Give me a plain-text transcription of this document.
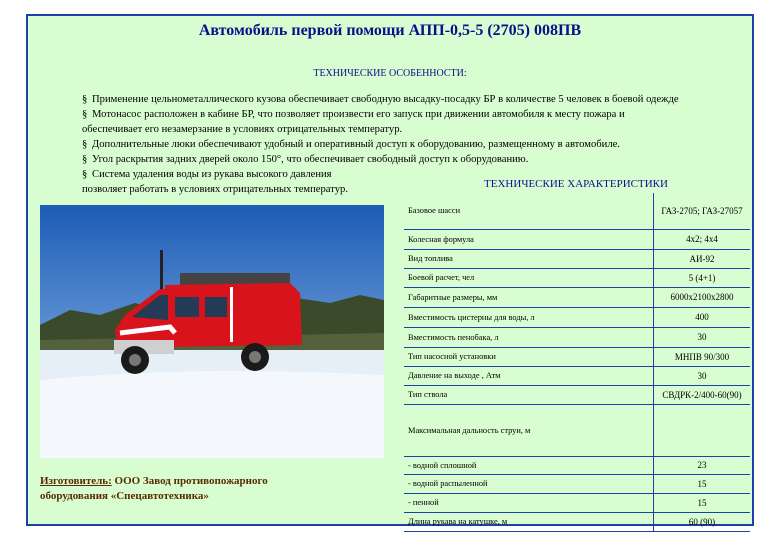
Автомобиль первой помощи АПП-0,5-5 (2705) 008ПВ
ТЕХНИЧЕСКИЕ ОСОБЕННОСТИ:
§ Применение цельнометаллического кузова обеспечивает свободную высадку-посадку БР в количестве 5 человек в боевой одежде
§ Мотонасос расположен в кабине БР, что позволяет произвести его запуск при движении автомобиля к месту пожара и
обеспечивает его незамерзание в условиях отрицательных температур.
§ Дополнительные люки обеспечивают удобный и оперативный доступ к оборудованию, размещенному в автомобиле.
§ Угол раскрытия задних дверей около 150°, что обеспечивает свободный доступ к оборудованию.
§ Система удаления воды из рукава высокого давления
позволяет работать в условиях отрицательных температур.
Изготовитель: ООО Завод противопожарного
оборудования «Спецавтотехника»
ТЕХНИЧЕСКИЕ ХАРАКТЕРИСТИКИ
Базовое шасси	ГАЗ-2705; ГАЗ-27057
Колесная формула	4х2; 4х4
Вид топлива	АИ-92
Боевой расчет, чел	5 (4+1)
Габаритные размеры, мм	6000х2100х2800
Вместимость цистерны для воды, л	400
Вместимость пенобака, л	30
Тип насосной установки	МНПВ 90/300
Давление на выходе , Атм	30
Тип ствола	СВДРК-2/400-60(90)
Максимальная дальность струи, м	
- водной сплошной	23
- водной распыленной	15
- пенной	15
Длина рукава на катушке, м	60 (90)
